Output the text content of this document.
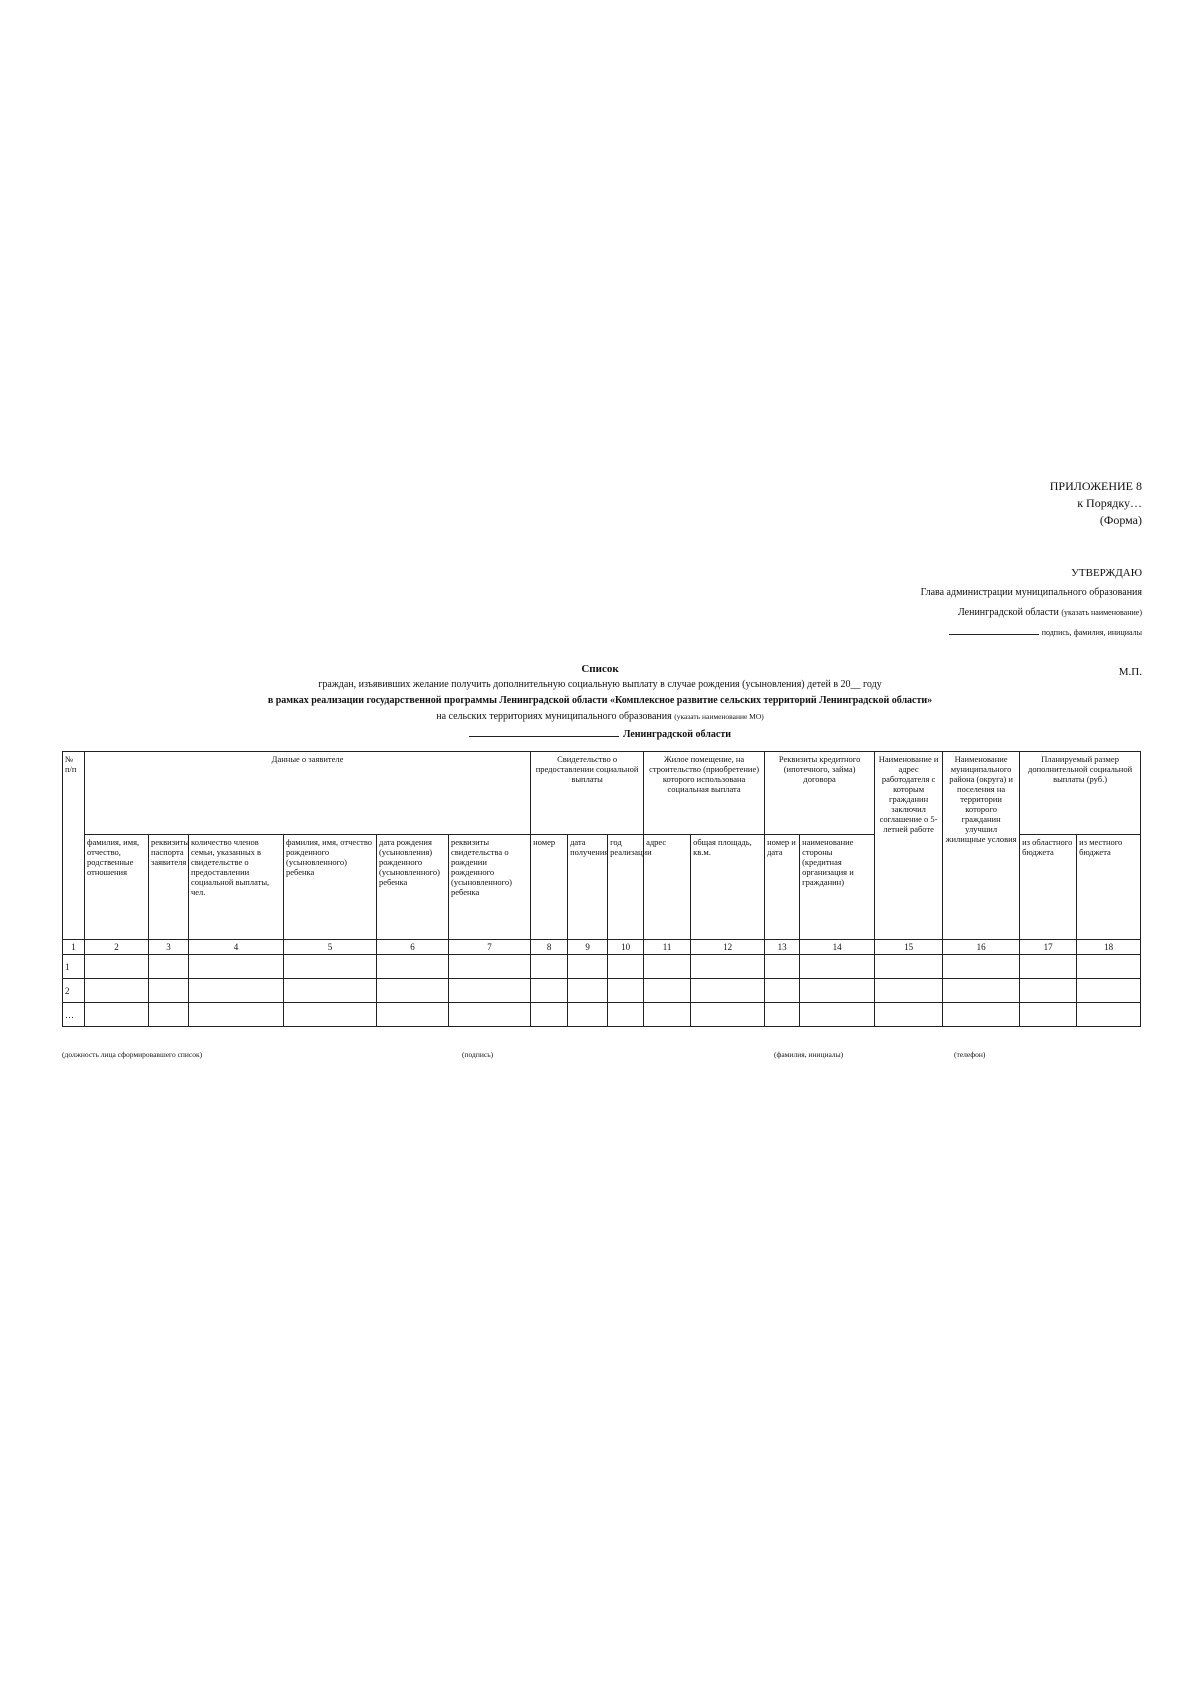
ПРИЛОЖЕНИЕ 8
к Порядку…
(Форма)
УТВЕРЖДАЮ
Глава администрации муниципального образования
Ленинградской области (указать наименование)
подпись, фамилия, инициалы
М.П.
Список
граждан, изъявивших желание получить дополнительную социальную выплату в случае рождения (усыновления) детей в 20__ году
в рамках реализации государственной программы Ленинградской области «Комплексное развитие сельских территорий Ленинградской области»
на сельских территориях муниципального образования (указать наименование МО)
Ленинградской области
№ п/п	Данные о заявителе						Свидетельство о предоставлении социальной выплаты			Жилое помещение, на строительство (приобретение) которого использована социальная выплата		Реквизиты кредитного (ипотечного, займа) договора		Наименование и адрес работодателя с которым гражданин заключил соглашение о 5-летней работе	Наименование муниципального района (округа) и поселения на территории которого гражданин улучшил жилищные условия	Планируемый размер дополнительной социальной выплаты (руб.)	
	фамилия, имя, отчество, родственные отношения	реквизиты паспорта заявителя	количество членов семьи, указанных в свидетельстве о предоставлении социальной выплаты, чел.	фамилия, имя, отчество рожденного (усыновленного) ребенка	дата рождения (усыновления) рожденного (усыновленного) ребенка	реквизиты свидетельства о рождении рожденного (усыновленного) ребенка	номер	дата получения	год реализации	адрес	общая площадь, кв.м.	номер и дата	наименование стороны (кредитная организация и гражданин)			из областного бюджета	из местного бюджета
1	2	3	4	5	6	7	8	9	10	11	12	13	14	15	16	17	18
1																	
2																	
…																	
(должность лица сформировавшего список)	(подпись)	(фамилия, инициалы)	(телефон)
